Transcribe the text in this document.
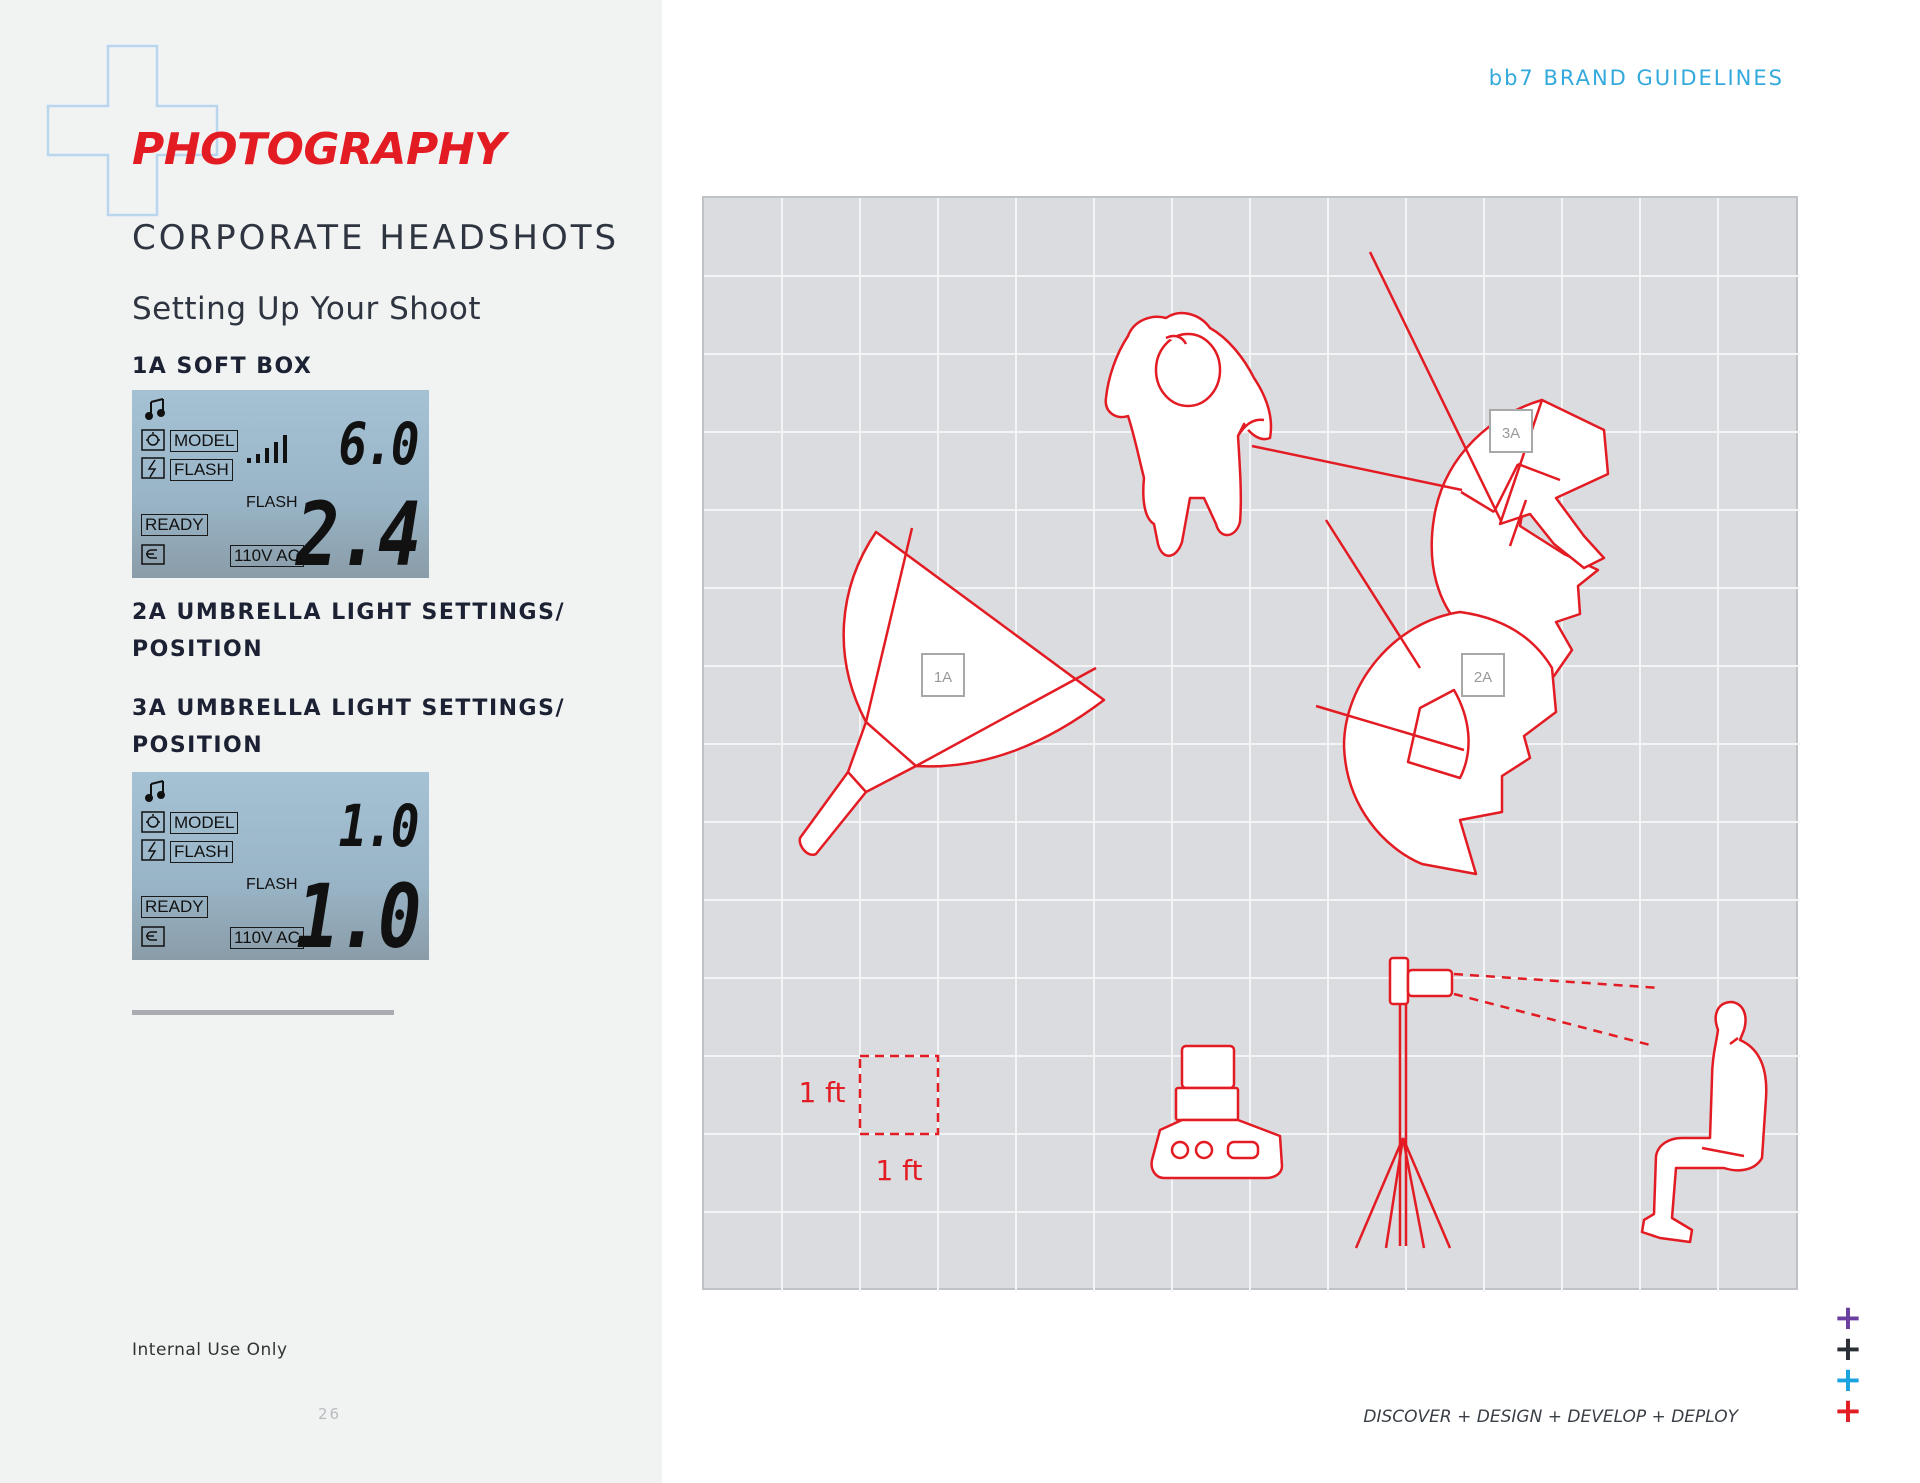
PHOTOGRAPHY
CORPORATE HEADSHOTS
Setting Up Your Shoot

1A SOFT BOX

MODEL
FLASH
FLASH
READY
110V AC
6.0
2.4

2A UMBRELLA LIGHT SETTINGS/ POSITION

3A UMBRELLA LIGHT SETTINGS/ POSITION

MODEL
FLASH
FLASH
READY
110V AC
1.0
1.0
Internal Use Only
26
bb7 BRAND GUIDELINES
1A
3A
2A
1 ft
1 ft
DISCOVER + DESIGN + DEVELOP + DEPLOY
+
+
+
+
